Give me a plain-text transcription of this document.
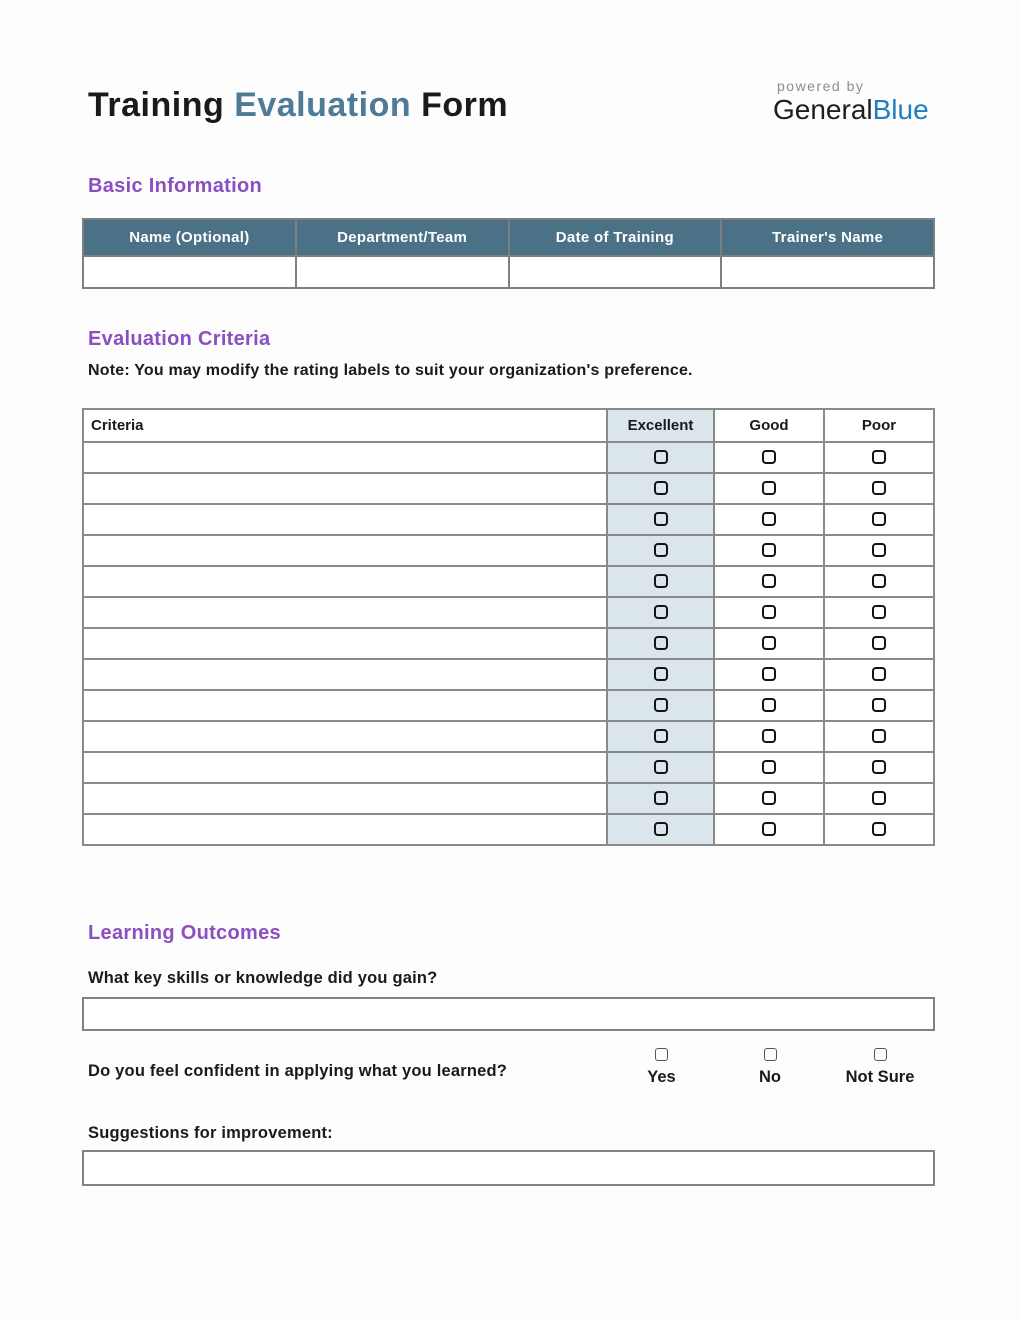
Training Evaluation Form	powered by
GeneralBlue
Basic Information
Name (Optional)	Department/Team	Date of Training	Trainer's Name

Evaluation Criteria
Note: You may modify the rating labels to suit your organization's preference.
Criteria	Excellent	Good	Poor

Learning Outcomes
What key skills or knowledge did you gain?
Do you feel confident in applying what you learned?	Yes	No	Not Sure
Suggestions for improvement:
